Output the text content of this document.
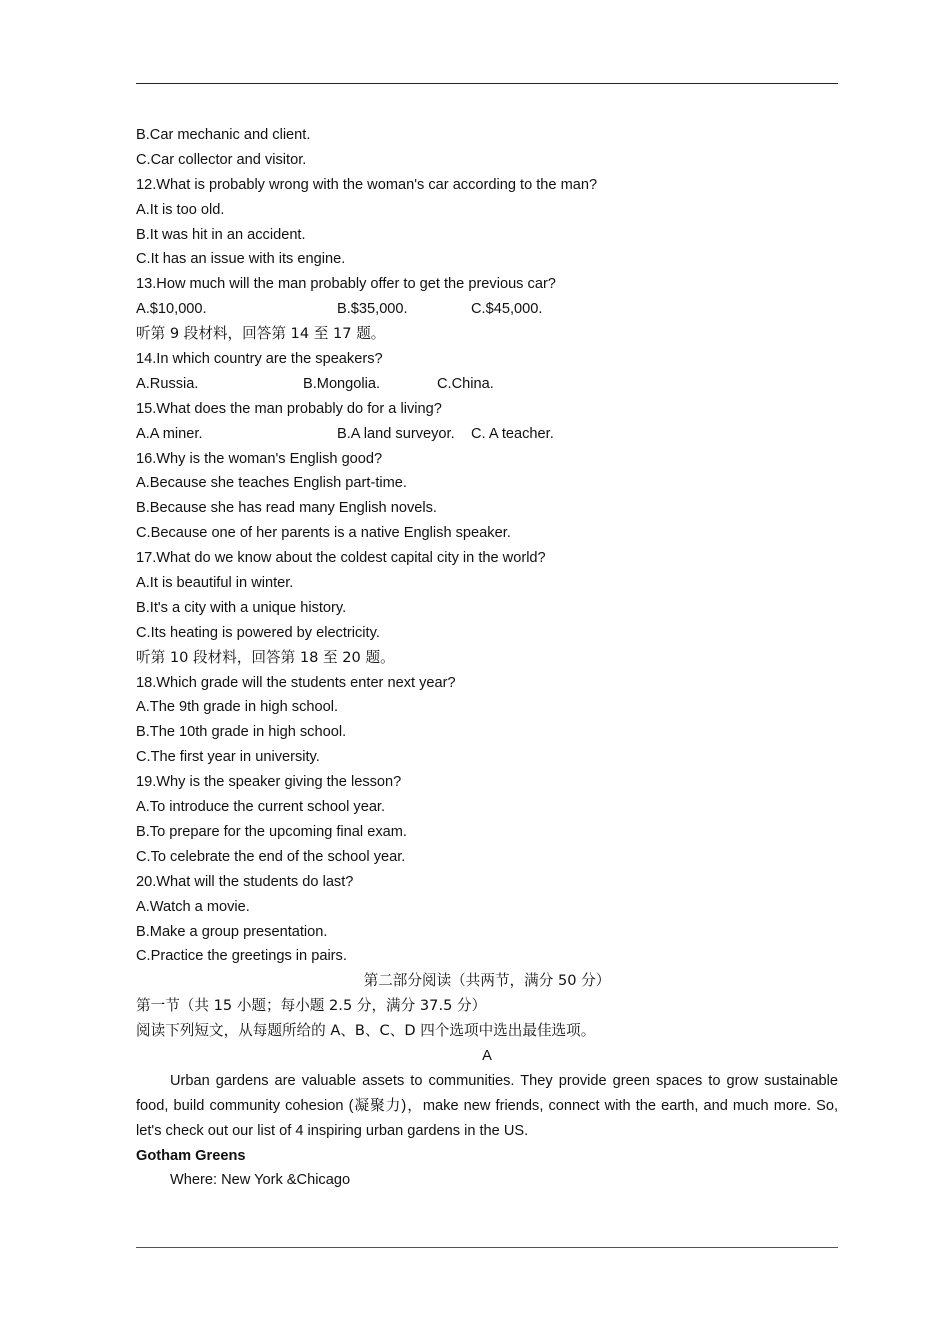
B.Car mechanic and client.
C.Car collector and visitor.
12.What is probably wrong with the woman's car according to the man?
A.It is too old.
B.It was hit in an accident.
C.It has an issue with its engine.
13.How much will the man probably offer to get the previous car?
A.$10,000.	B.$35,000.	C.$45,000.
听第 9 段材料，回答第 14 至 17 题。
14.In which country are the speakers?
A.Russia.	B.Mongolia.	C.China.
15.What does the man probably do for a living?
A.A miner.	B.A land surveyor. C. A teacher.
16.Why is the woman's English good?
A.Because she teaches English part-time.
B.Because she has read many English novels.
C.Because one of her parents is a native English speaker.
17.What do we know about the coldest capital city in the world?
A.It is beautiful in winter.
B.It's a city with a unique history.
C.Its heating is powered by electricity.
听第 10 段材料，回答第 18 至 20 题。
18.Which grade will the students enter next year?
A.The 9th grade in high school.
B.The 10th grade in high school.
C.The first year in university.
19.Why is the speaker giving the lesson?
A.To introduce the current school year.
B.To prepare for the upcoming final exam.
C.To celebrate the end of the school year.
20.What will the students do last?
A.Watch a movie.
B.Make a group presentation.
C.Practice the greetings in pairs.
第二部分阅读（共两节，满分 50 分）
第一节（共 15 小题；每小题 2.5 分，满分 37.5 分）
阅读下列短文，从每题所给的 A、B、C、D 四个选项中选出最佳选项。
A
Urban gardens are valuable assets to communities. They provide green spaces to grow sustainable food, build community cohesion (凝聚力)，make new friends, connect with the earth, and much more. So, let's check out our list of 4 inspiring urban gardens in the US.
Gotham Greens
Where: New York &Chicago
